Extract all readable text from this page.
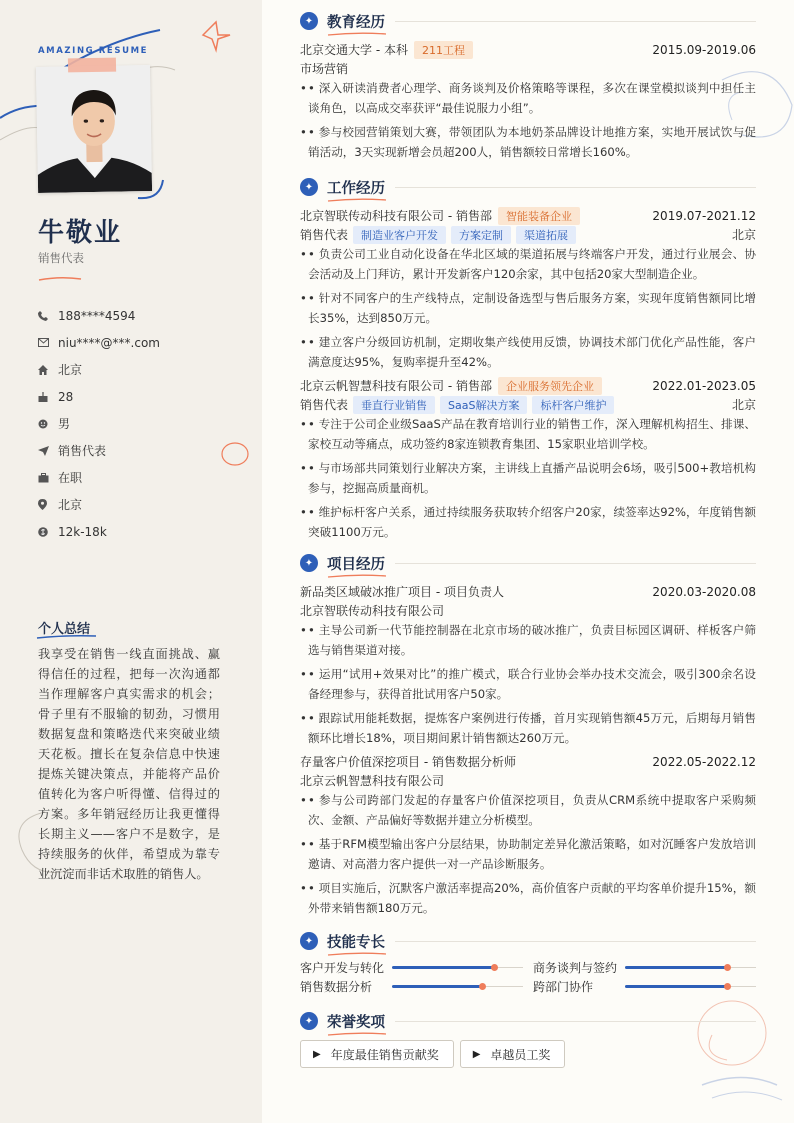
AMAZING RESUME
牛敬业
销售代表
188****4594
niu****@***.com
北京
28
男
销售代表
在职
北京
12k-18k
个人总结
我享受在销售一线直面挑战、赢得信任的过程，把每一次沟通都当作理解客户真实需求的机会；骨子里有不服输的韧劲，习惯用数据复盘和策略迭代来突破业绩天花板。擅长在复杂信息中快速提炼关键决策点，并能将产品价值转化为客户听得懂、信得过的方案。多年销冠经历让我更懂得长期主义——客户不是数字，是持续服务的伙伴，希望成为靠专业沉淀而非话术取胜的销售人。
✦ 教育经历
北京交通大学 - 本科	211工程	2015.09-2019.06
市场营销
• • 深入研读消费者心理学、商务谈判及价格策略等课程，多次在课堂模拟谈判中担任主谈角色，以高成交率获评“最佳说服力小组”。
• • 参与校园营销策划大赛，带领团队为本地奶茶品牌设计地推方案，实地开展试饮与促销活动，3天实现新增会员超200人，销售额较日常增长160%。
✦ 工作经历
北京智联传动科技有限公司 - 销售部	智能装备企业	2019.07-2021.12
销售代表	制造业客户开发	方案定制	渠道拓展	北京
• • 负责公司工业自动化设备在华北区域的渠道拓展与终端客户开发，通过行业展会、协会活动及上门拜访，累计开发新客户120余家，其中包括20家大型制造企业。
• • 针对不同客户的生产线特点，定制设备选型与售后服务方案，实现年度销售额同比增长35%，达到850万元。
• • 建立客户分级回访机制，定期收集产线使用反馈，协调技术部门优化产品性能，客户满意度达95%，复购率提升至42%。
北京云帆智慧科技有限公司 - 销售部	企业服务领先企业	2022.01-2023.05
销售代表	垂直行业销售	SaaS解决方案	标杆客户维护	北京
• • 专注于公司企业级SaaS产品在教育培训行业的销售工作，深入理解机构招生、排课、家校互动等痛点，成功签约8家连锁教育集团、15家职业培训学校。
• • 与市场部共同策划行业解决方案，主讲线上直播产品说明会6场，吸引500+教培机构参与，挖掘高质量商机。
• • 维护标杆客户关系，通过持续服务获取转介绍客户20家，续签率达92%，年度销售额突破1100万元。
✦ 项目经历
新品类区域破冰推广项目 - 项目负责人	2020.03-2020.08
北京智联传动科技有限公司
• • 主导公司新一代节能控制器在北京市场的破冰推广，负责目标园区调研、样板客户筛选与销售渠道对接。
• • 运用“试用+效果对比”的推广模式，联合行业协会举办技术交流会，吸引300余名设备经理参与，获得首批试用客户50家。
• • 跟踪试用能耗数据，提炼客户案例进行传播，首月实现销售额45万元，后期每月销售额环比增长18%，项目期间累计销售额达260万元。
存量客户价值深挖项目 - 销售数据分析师	2022.05-2022.12
北京云帆智慧科技有限公司
• • 参与公司跨部门发起的存量客户价值深挖项目，负责从CRM系统中提取客户采购频次、金额、产品偏好等数据并建立分析模型。
• • 基于RFM模型输出客户分层结果，协助制定差异化激活策略，如对沉睡客户发放培训邀请、对高潜力客户提供一对一产品诊断服务。
• • 项目实施后，沉默客户激活率提高20%，高价值客户贡献的平均客单价提升15%，额外带来销售额180万元。
✦ 技能专长
客户开发与转化	商务谈判与签约
销售数据分析	跨部门协作
✦ 荣誉奖项
▶ 年度最佳销售贡献奖	▶ 卓越员工奖
